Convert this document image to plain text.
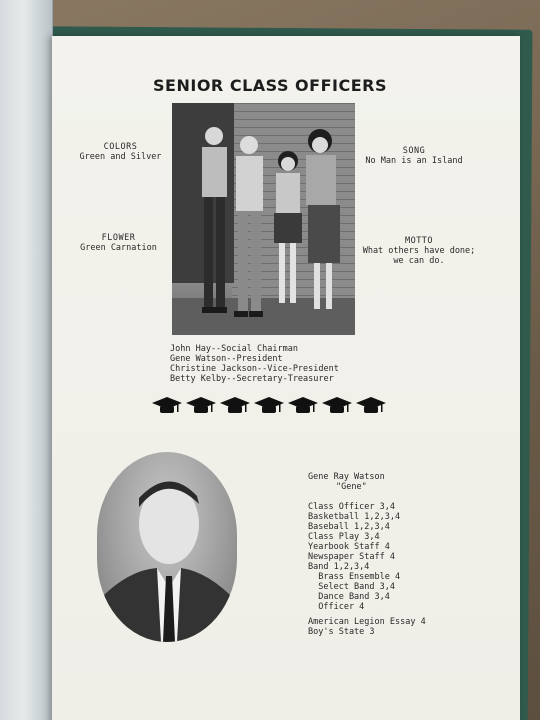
SENIOR CLASS OFFICERS
COLORS
Green and Silver
FLOWER
Green Carnation
SONG
No Man is an Island
MOTTO
What others have done;
we can do.
John Hay--Social Chairman
Gene Watson--President
Christine Jackson--Vice-President
Betty Kelby--Secretary-Treasurer
Gene Ray Watson
"Gene"
Class Officer 3,4
Basketball 1,2,3,4
Baseball 1,2,3,4
Class Play 3,4
Yearbook Staff 4
Newspaper Staff 4
Band 1,2,3,4
Brass Ensemble 4
Select Band 3,4
Dance Band 3,4
Officer 4
American Legion Essay 4
Boy's State 3
